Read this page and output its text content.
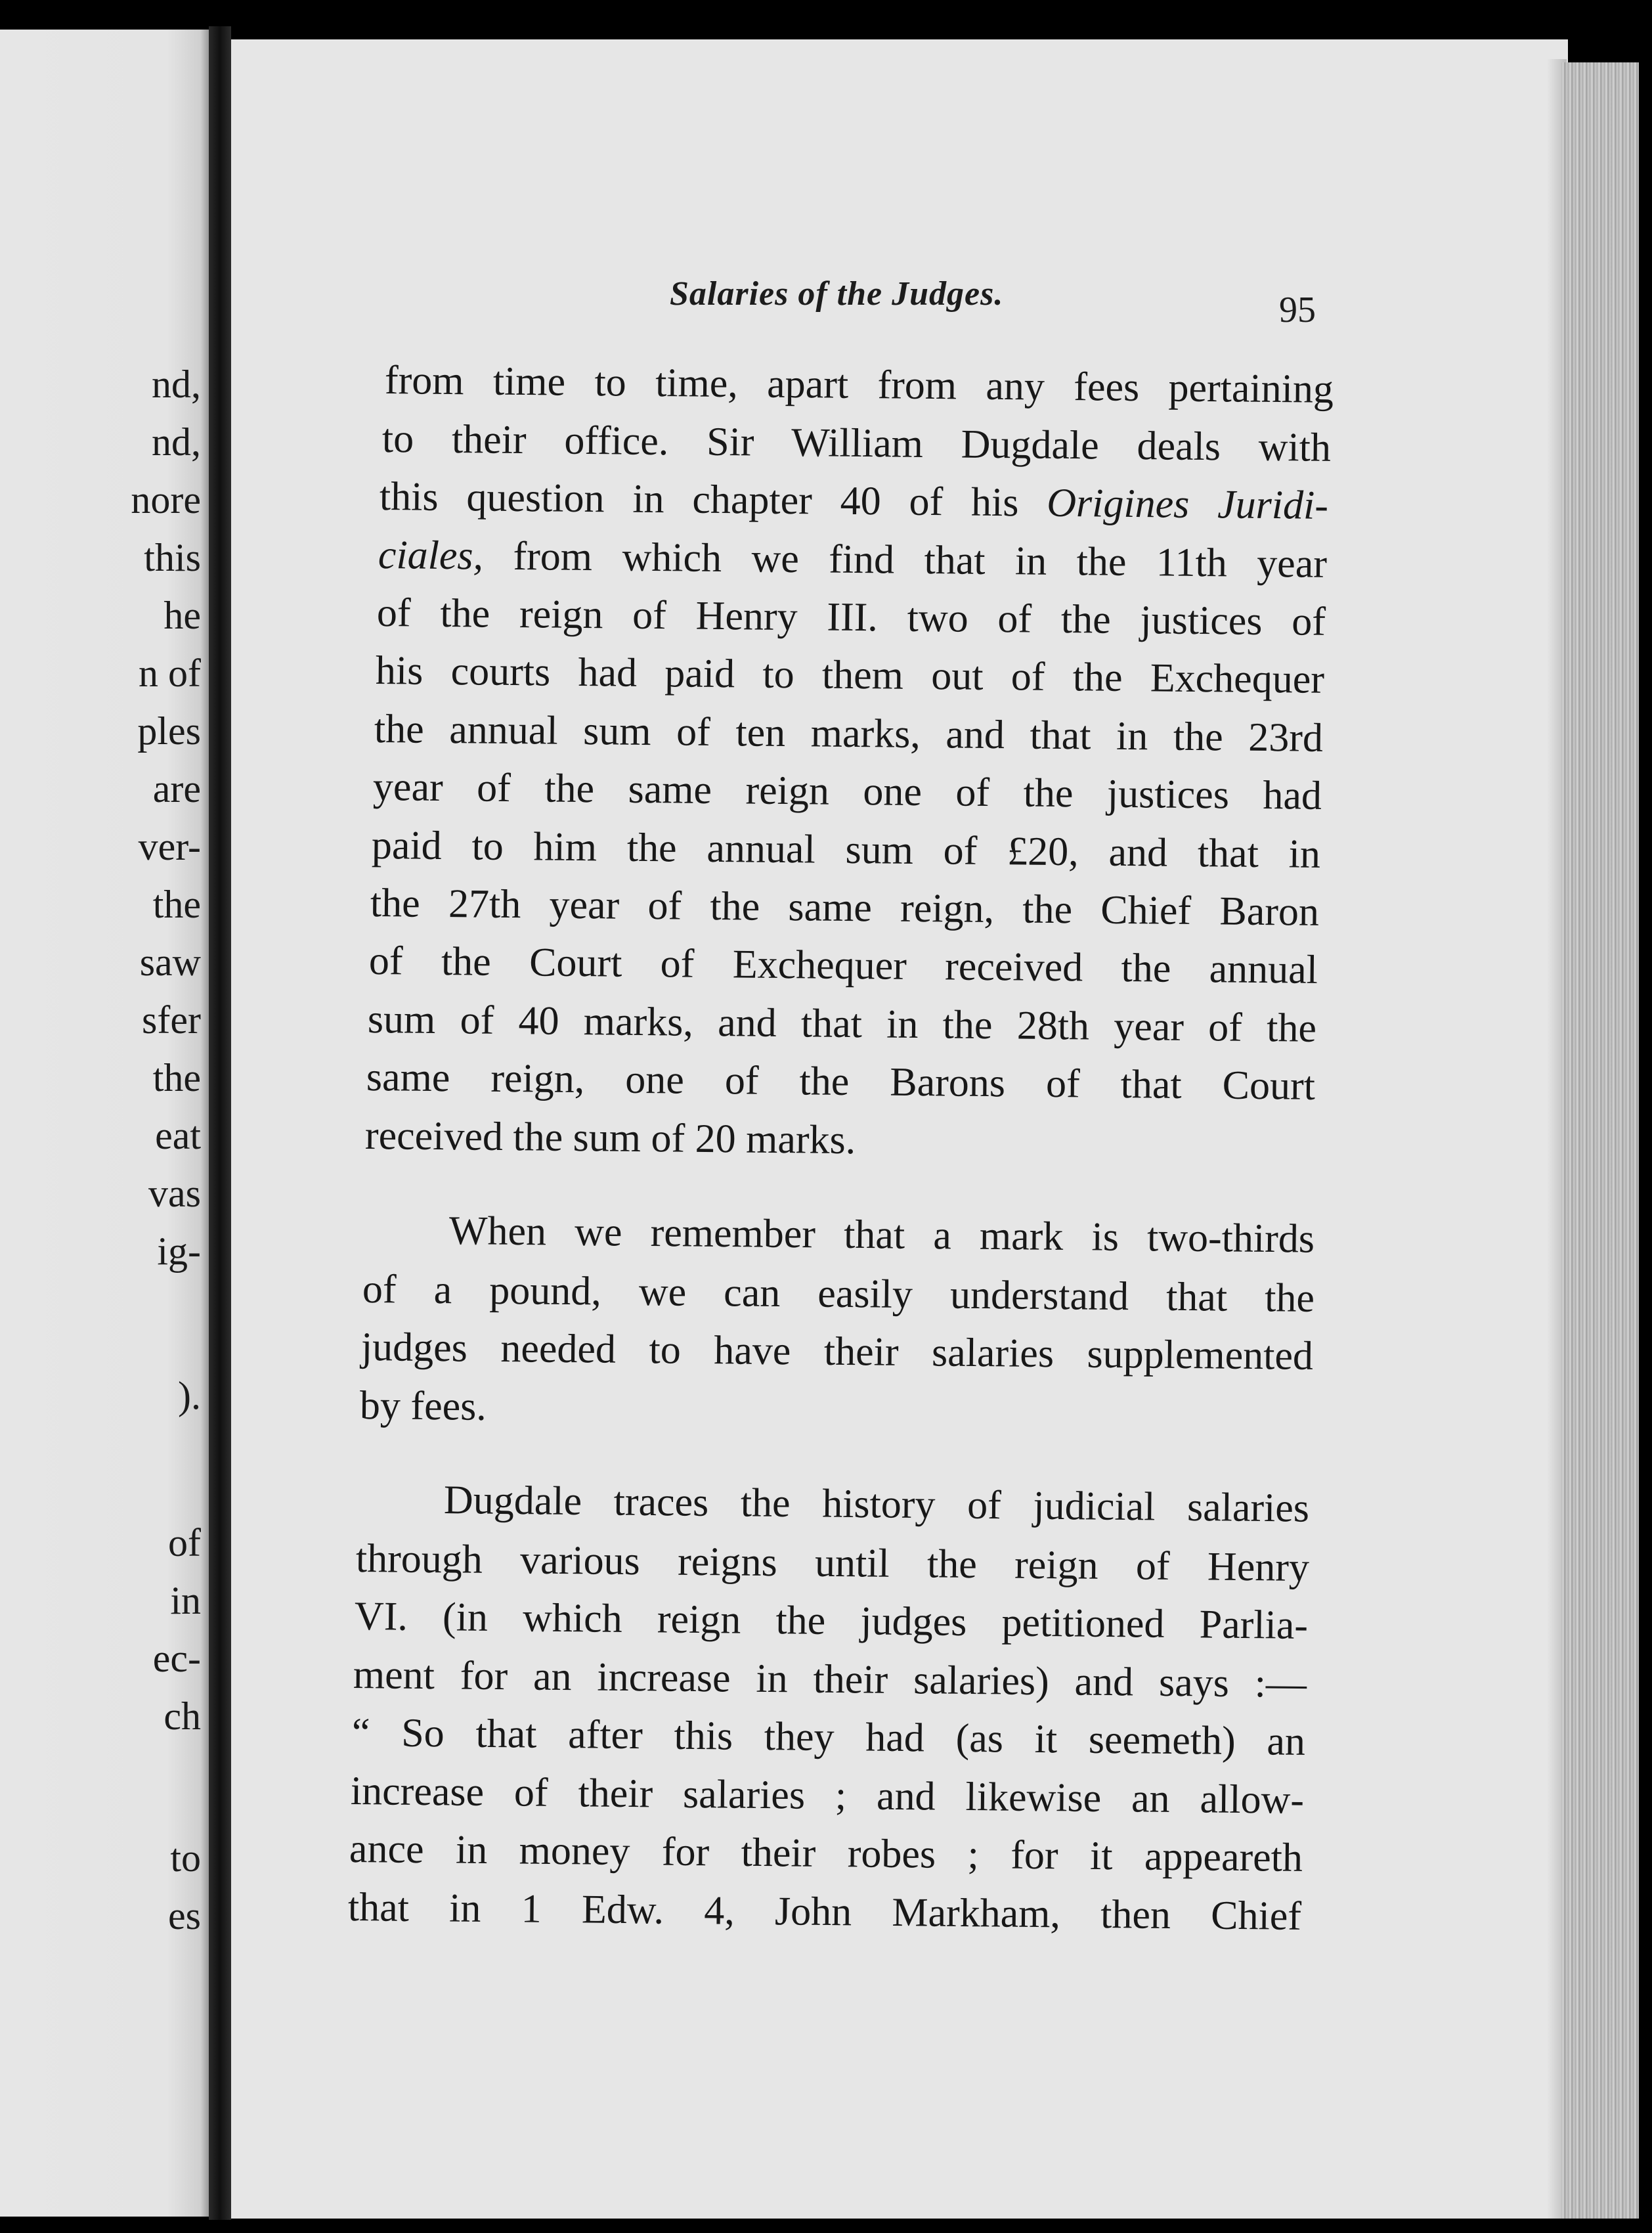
nd,
nd,
nore
this
he
n of
ples
are
ver-
the
saw
sfer
the
eat
vas
ig-
).
of
in
ec-
ch
to
es
Salaries of the Judges.	95
from time to time, apart from any fees pertaining
to their office. Sir William Dugdale deals with
this question in chapter 40 of his Origines Juridi-
ciales, from which we find that in the 11th year
of the reign of Henry III. two of the justices of
his courts had paid to them out of the Exchequer
the annual sum of ten marks, and that in the 23rd
year of the same reign one of the justices had
paid to him the annual sum of £20, and that in
the 27th year of the same reign, the Chief Baron
of the Court of Exchequer received the annual
sum of 40 marks, and that in the 28th year of the
same reign, one of the Barons of that Court
received the sum of 20 marks.
When we remember that a mark is two-thirds
of a pound, we can easily understand that the
judges needed to have their salaries supplemented
by fees.
Dugdale traces the history of judicial salaries
through various reigns until the reign of Henry
VI. (in which reign the judges petitioned Parlia-
ment for an increase in their salaries) and says :—
“ So that after this they had (as it seemeth) an
increase of their salaries ; and likewise an allow-
ance in money for their robes ; for it appeareth
that in 1 Edw. 4, John Markham, then Chief
